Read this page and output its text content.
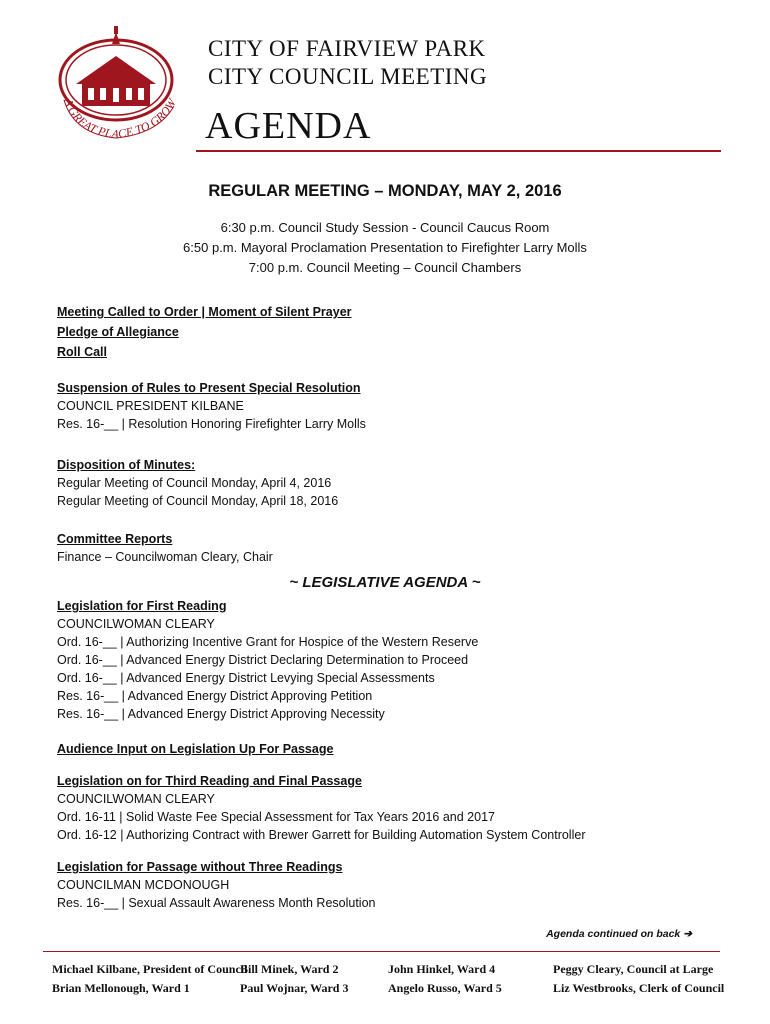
A GREAT PLACE TO GROW
CITY OF FAIRVIEW PARK
CITY COUNCIL MEETING
AGENDA
REGULAR MEETING – MONDAY, MAY 2, 2016
6:30 p.m. Council Study Session - Council Caucus Room
6:50 p.m. Mayoral Proclamation Presentation to Firefighter Larry Molls
7:00 p.m. Council Meeting – Council Chambers
Meeting Called to Order | Moment of Silent Prayer
Pledge of Allegiance
Roll Call
Suspension of Rules to Present Special Resolution
COUNCIL PRESIDENT KILBANE
Res. 16-__ | Resolution Honoring Firefighter Larry Molls
Disposition of Minutes:
Regular Meeting of Council Monday, April 4, 2016
Regular Meeting of Council Monday, April 18, 2016
Committee Reports
Finance – Councilwoman Cleary, Chair
~ LEGISLATIVE AGENDA ~
Legislation for First Reading
COUNCILWOMAN CLEARY
Ord. 16-__ | Authorizing Incentive Grant for Hospice of the Western Reserve
Ord. 16-__ | Advanced Energy District Declaring Determination to Proceed
Ord. 16-__ | Advanced Energy District Levying Special Assessments
Res. 16-__ | Advanced Energy District Approving Petition
Res. 16-__ | Advanced Energy District Approving Necessity
Audience Input on Legislation Up For Passage
Legislation on for Third Reading and Final Passage
COUNCILWOMAN CLEARY
Ord. 16-11 | Solid Waste Fee Special Assessment for Tax Years 2016 and 2017
Ord. 16-12 | Authorizing Contract with Brewer Garrett for Building Automation System Controller
Legislation for Passage without Three Readings
COUNCILMAN MCDONOUGH
Res. 16-__ | Sexual Assault Awareness Month Resolution
Agenda continued on back ➔
Michael Kilbane, President of Council
Brian Mellonough, Ward 1
Bill Minek, Ward 2
Paul Wojnar, Ward 3
John Hinkel, Ward 4
Angelo Russo, Ward 5
Peggy Cleary, Council at Large
Liz Westbrooks, Clerk of Council
